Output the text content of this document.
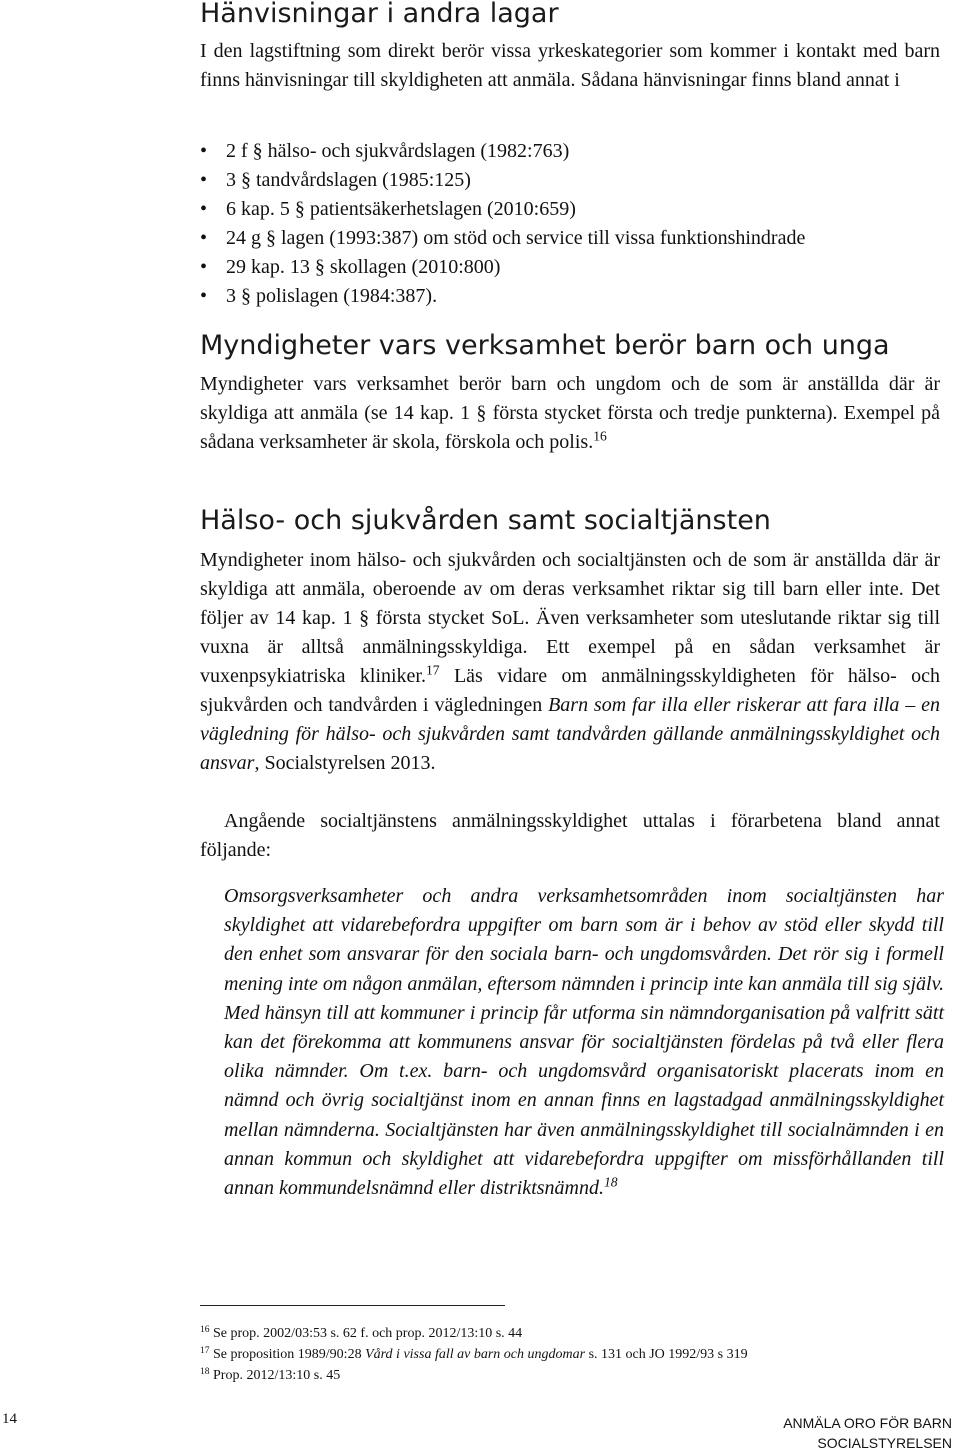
Hänvisningar i andra lagar

I den lagstiftning som direkt berör vissa yrkeskategorier som kommer i kontakt med barn finns hänvisningar till skyldigheten att anmäla. Sådana hänvisningar finns bland annat i

• 2 f § hälso- och sjukvårdslagen (1982:763)
• 3 § tandvårdslagen (1985:125)
• 6 kap. 5 § patientsäkerhetslagen (2010:659)
• 24 g § lagen (1993:387) om stöd och service till vissa funktionshindrade
• 29 kap. 13 § skollagen (2010:800)
• 3 § polislagen (1984:387).
Myndigheter vars verksamhet berör barn och unga

Myndigheter vars verksamhet berör barn och ungdom och de som är anställda där är skyldiga att anmäla (se 14 kap. 1 § första stycket första och tredje punkterna). Exempel på sådana verksamheter är skola, förskola och polis.$^{16}$

Hälso- och sjukvården samt socialtjänsten

Myndigheter inom hälso- och sjukvården och socialtjänsten och de som är anställda där är skyldiga att anmäla, oberoende av om deras verksamhet riktar sig till barn eller inte. Det följer av 14 kap. 1 § första stycket SoL. Även verksamheter som uteslutande riktar sig till vuxna är alltså anmälningsskyldiga. Ett exempel på en sådan verksamhet är vuxenpsykiatriska kliniker.$^{17}$ Läs vidare om anmälningsskyldigheten för hälso- och sjukvården och tandvården i vägledningen Barn som far illa eller riskerar att fara illa – en vägledning för hälso- och sjukvården samt tandvården gällande anmälningsskyldighet och ansvar, Socialstyrelsen 2013.

Angående socialtjänstens anmälningsskyldighet uttalas i förarbetena bland annat följande:

Omsorgsverksamheter och andra verksamhetsområden inom socialtjänsten har skyldighet att vidarebefordra uppgifter om barn som är i behov av stöd eller skydd till den enhet som ansvarar för den sociala barn- och ungdomsvården. Det rör sig i formell mening inte om någon anmälan, eftersom nämnden i princip inte kan anmäla till sig själv. Med hänsyn till att kommuner i princip får utforma sin nämndorganisation på valfritt sätt kan det förekomma att kommunens ansvar för socialtjänsten fördelas på två eller flera olika nämnder. Om t.ex. barn- och ungdomsvård organisatoriskt placerats inom en nämnd och övrig socialtjänst inom en annan finns en lagstadgad anmälningsskyldighet mellan nämnderna. Socialtjänsten har även anmälningsskyldighet till socialnämnden i en annan kommun och skyldighet att vidarebefordra uppgifter om missförhållanden till annan kommundelsnämnd eller distriktsnämnd.$^{18}$
$^{16}$ Se prop. 2002/03:53 s. 62 f. och prop. 2012/13:10 s. 44
$^{17}$ Se proposition 1989/90:28 Vård i vissa fall av barn och ungdomar s. 131 och JO 1992/93 s 319
$^{18}$ Prop. 2012/13:10 s. 45
14	ANMÄLA ORO FÖR BARN
SOCIALSTYRELSEN
